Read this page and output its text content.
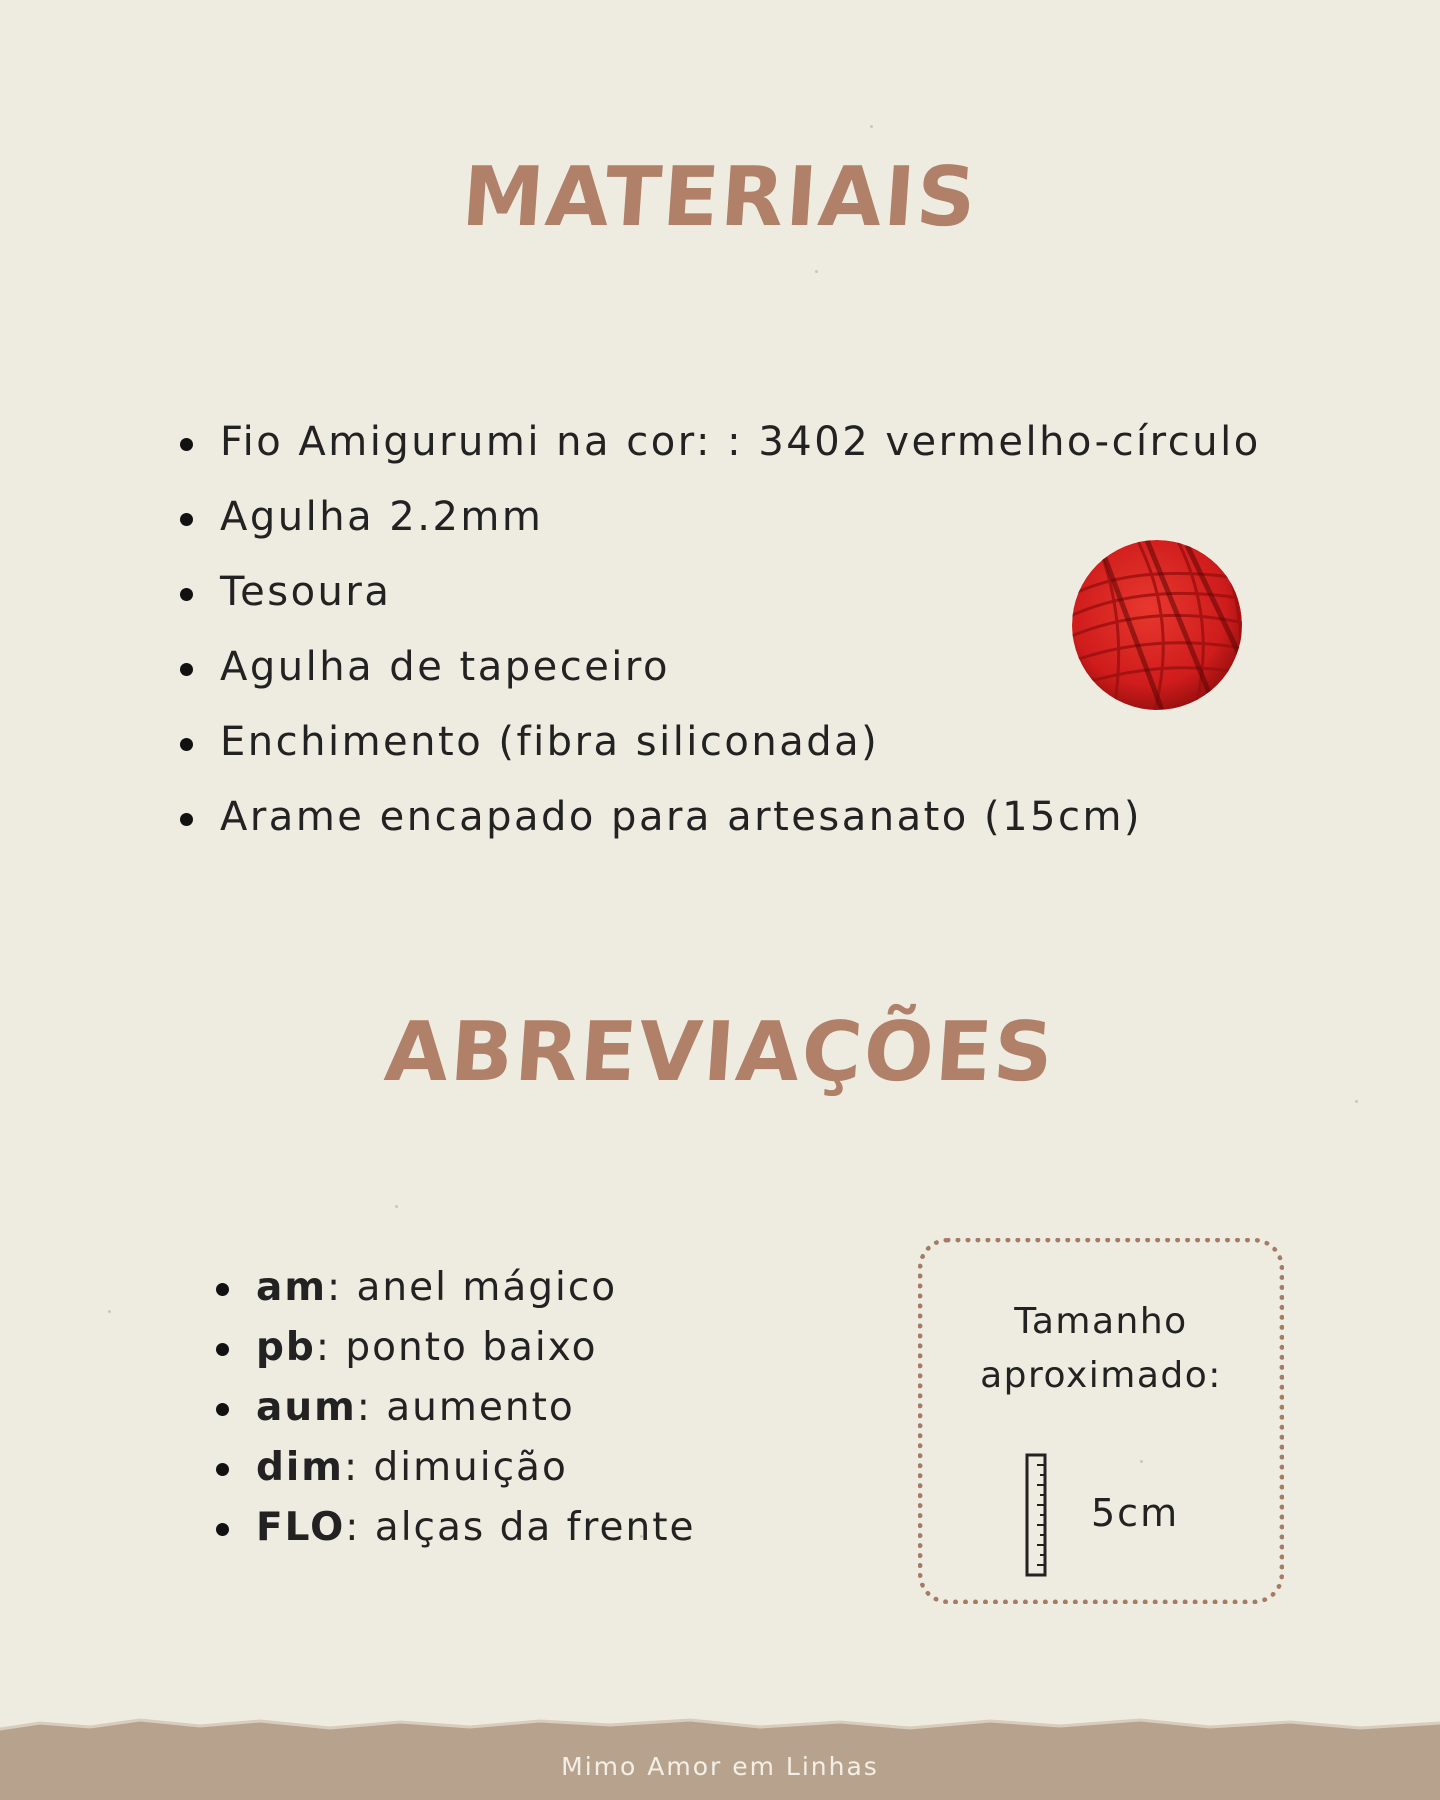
MATERIAIS
Fio Amigurumi na cor: : 3402 vermelho-círculo
Agulha 2.2mm
Tesoura
Agulha de tapeceiro
Enchimento (fibra siliconada)
Arame encapado para artesanato (15cm)
ABREVIAÇÕES
am: anel mágico
pb: ponto baixo
aum: aumento
dim: dimuição
FLO: alças da frente
Tamanho
aproximado:
5cm
Mimo Amor em Linhas
